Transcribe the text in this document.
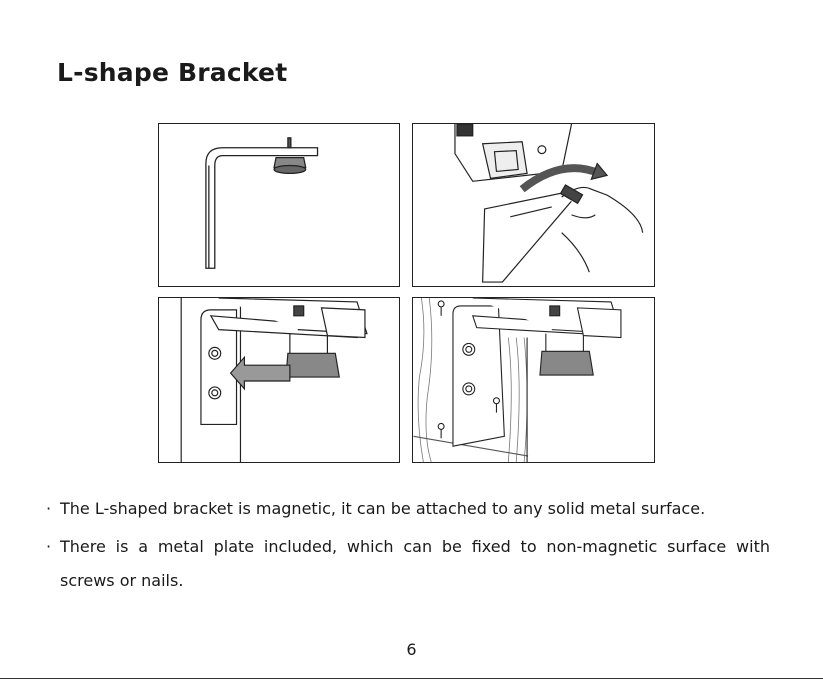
L-shape Bracket
· The L-shaped bracket is magnetic, it can be attached to any solid metal surface.
· There is a metal plate included, which can be fixed to non-magnetic surface with
screws or nails.
6
